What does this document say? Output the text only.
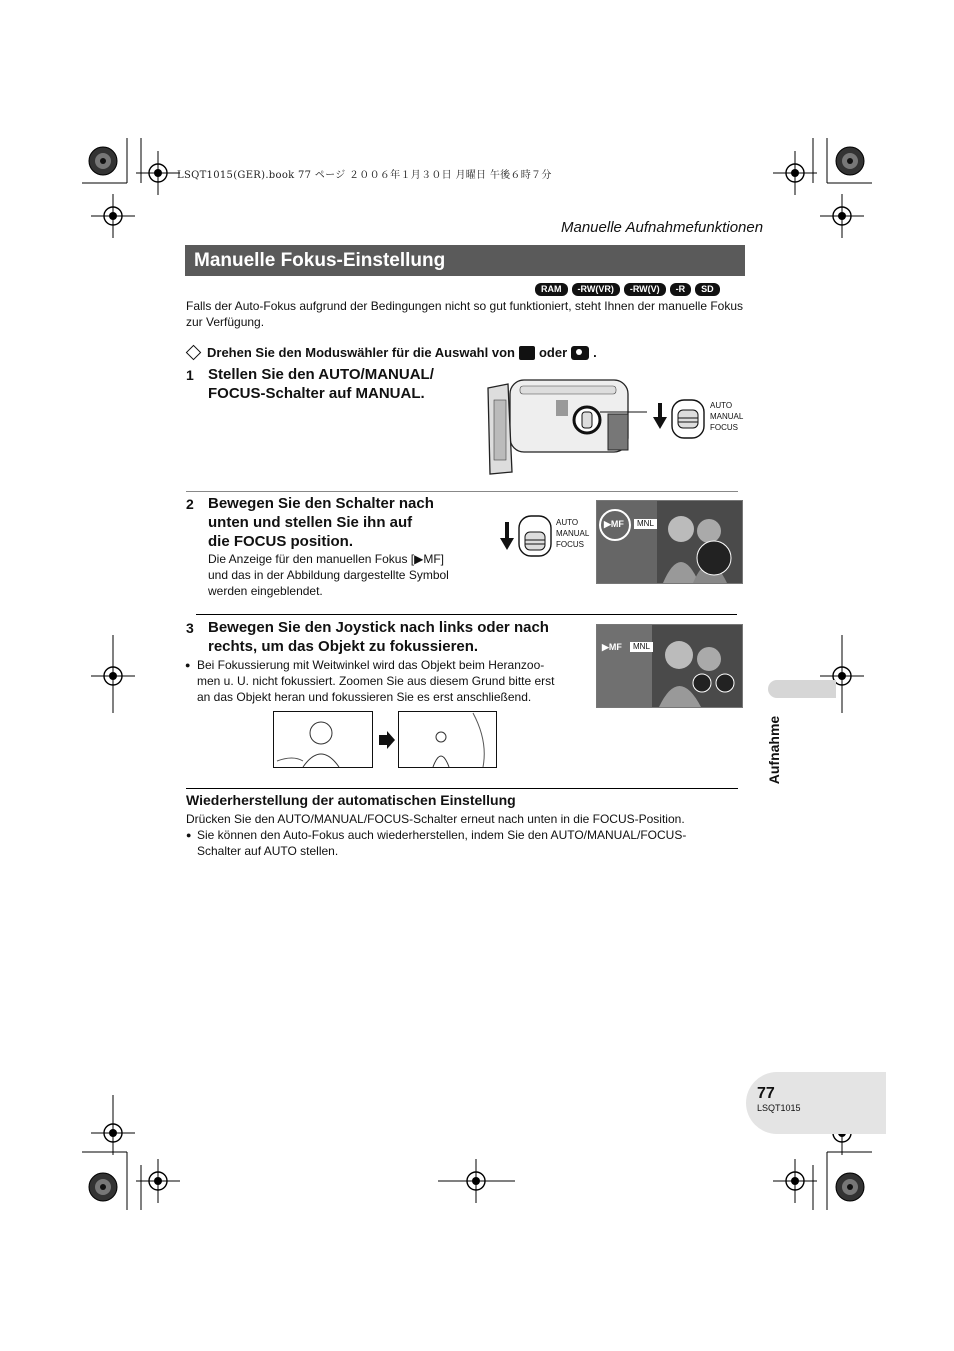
LSQT1015(GER).book 77 ページ ２００６年１月３０日 月曜日 午後６時７分
Manuelle Aufnahmefunktionen
Manuelle Fokus-Einstellung
RAM	-RW(VR)	-RW(V)	-R	SD
Falls der Auto-Fokus aufgrund der Bedingungen nicht so gut funktioniert, steht Ihnen der manuelle Fokus zur Verfügung.
Drehen Sie den Moduswähler für die Auswahl von oder .
1 Stellen Sie den AUTO/MANUAL/
FOCUS-Schalter auf MANUAL.
AUTO
MANUAL
FOCUS
2 Bewegen Sie den Schalter nach
unten und stellen Sie ihn auf
die FOCUS position.
Die Anzeige für den manuellen Fokus [▶MF]
und das in der Abbildung dargestellte Symbol
werden eingeblendet.
AUTO
MANUAL
FOCUS
▶MF	MNL
3 Bewegen Sie den Joystick nach links oder nach
rechts, um das Objekt zu fokussieren.
● Bei Fokussierung mit Weitwinkel wird das Objekt beim Heranzoo-
men u. U. nicht fokussiert. Zoomen Sie aus diesem Grund bitte erst
an das Objekt heran und fokussieren Sie es erst anschließend.
▶MF	MNL
Wiederherstellung der automatischen Einstellung
Drücken Sie den AUTO/MANUAL/FOCUS-Schalter erneut nach unten in die FOCUS-Position.
● Sie können den Auto-Fokus auch wiederherstellen, indem Sie den AUTO/MANUAL/FOCUS-
Schalter auf AUTO stellen.
Aufnahme
77
LSQT1015
